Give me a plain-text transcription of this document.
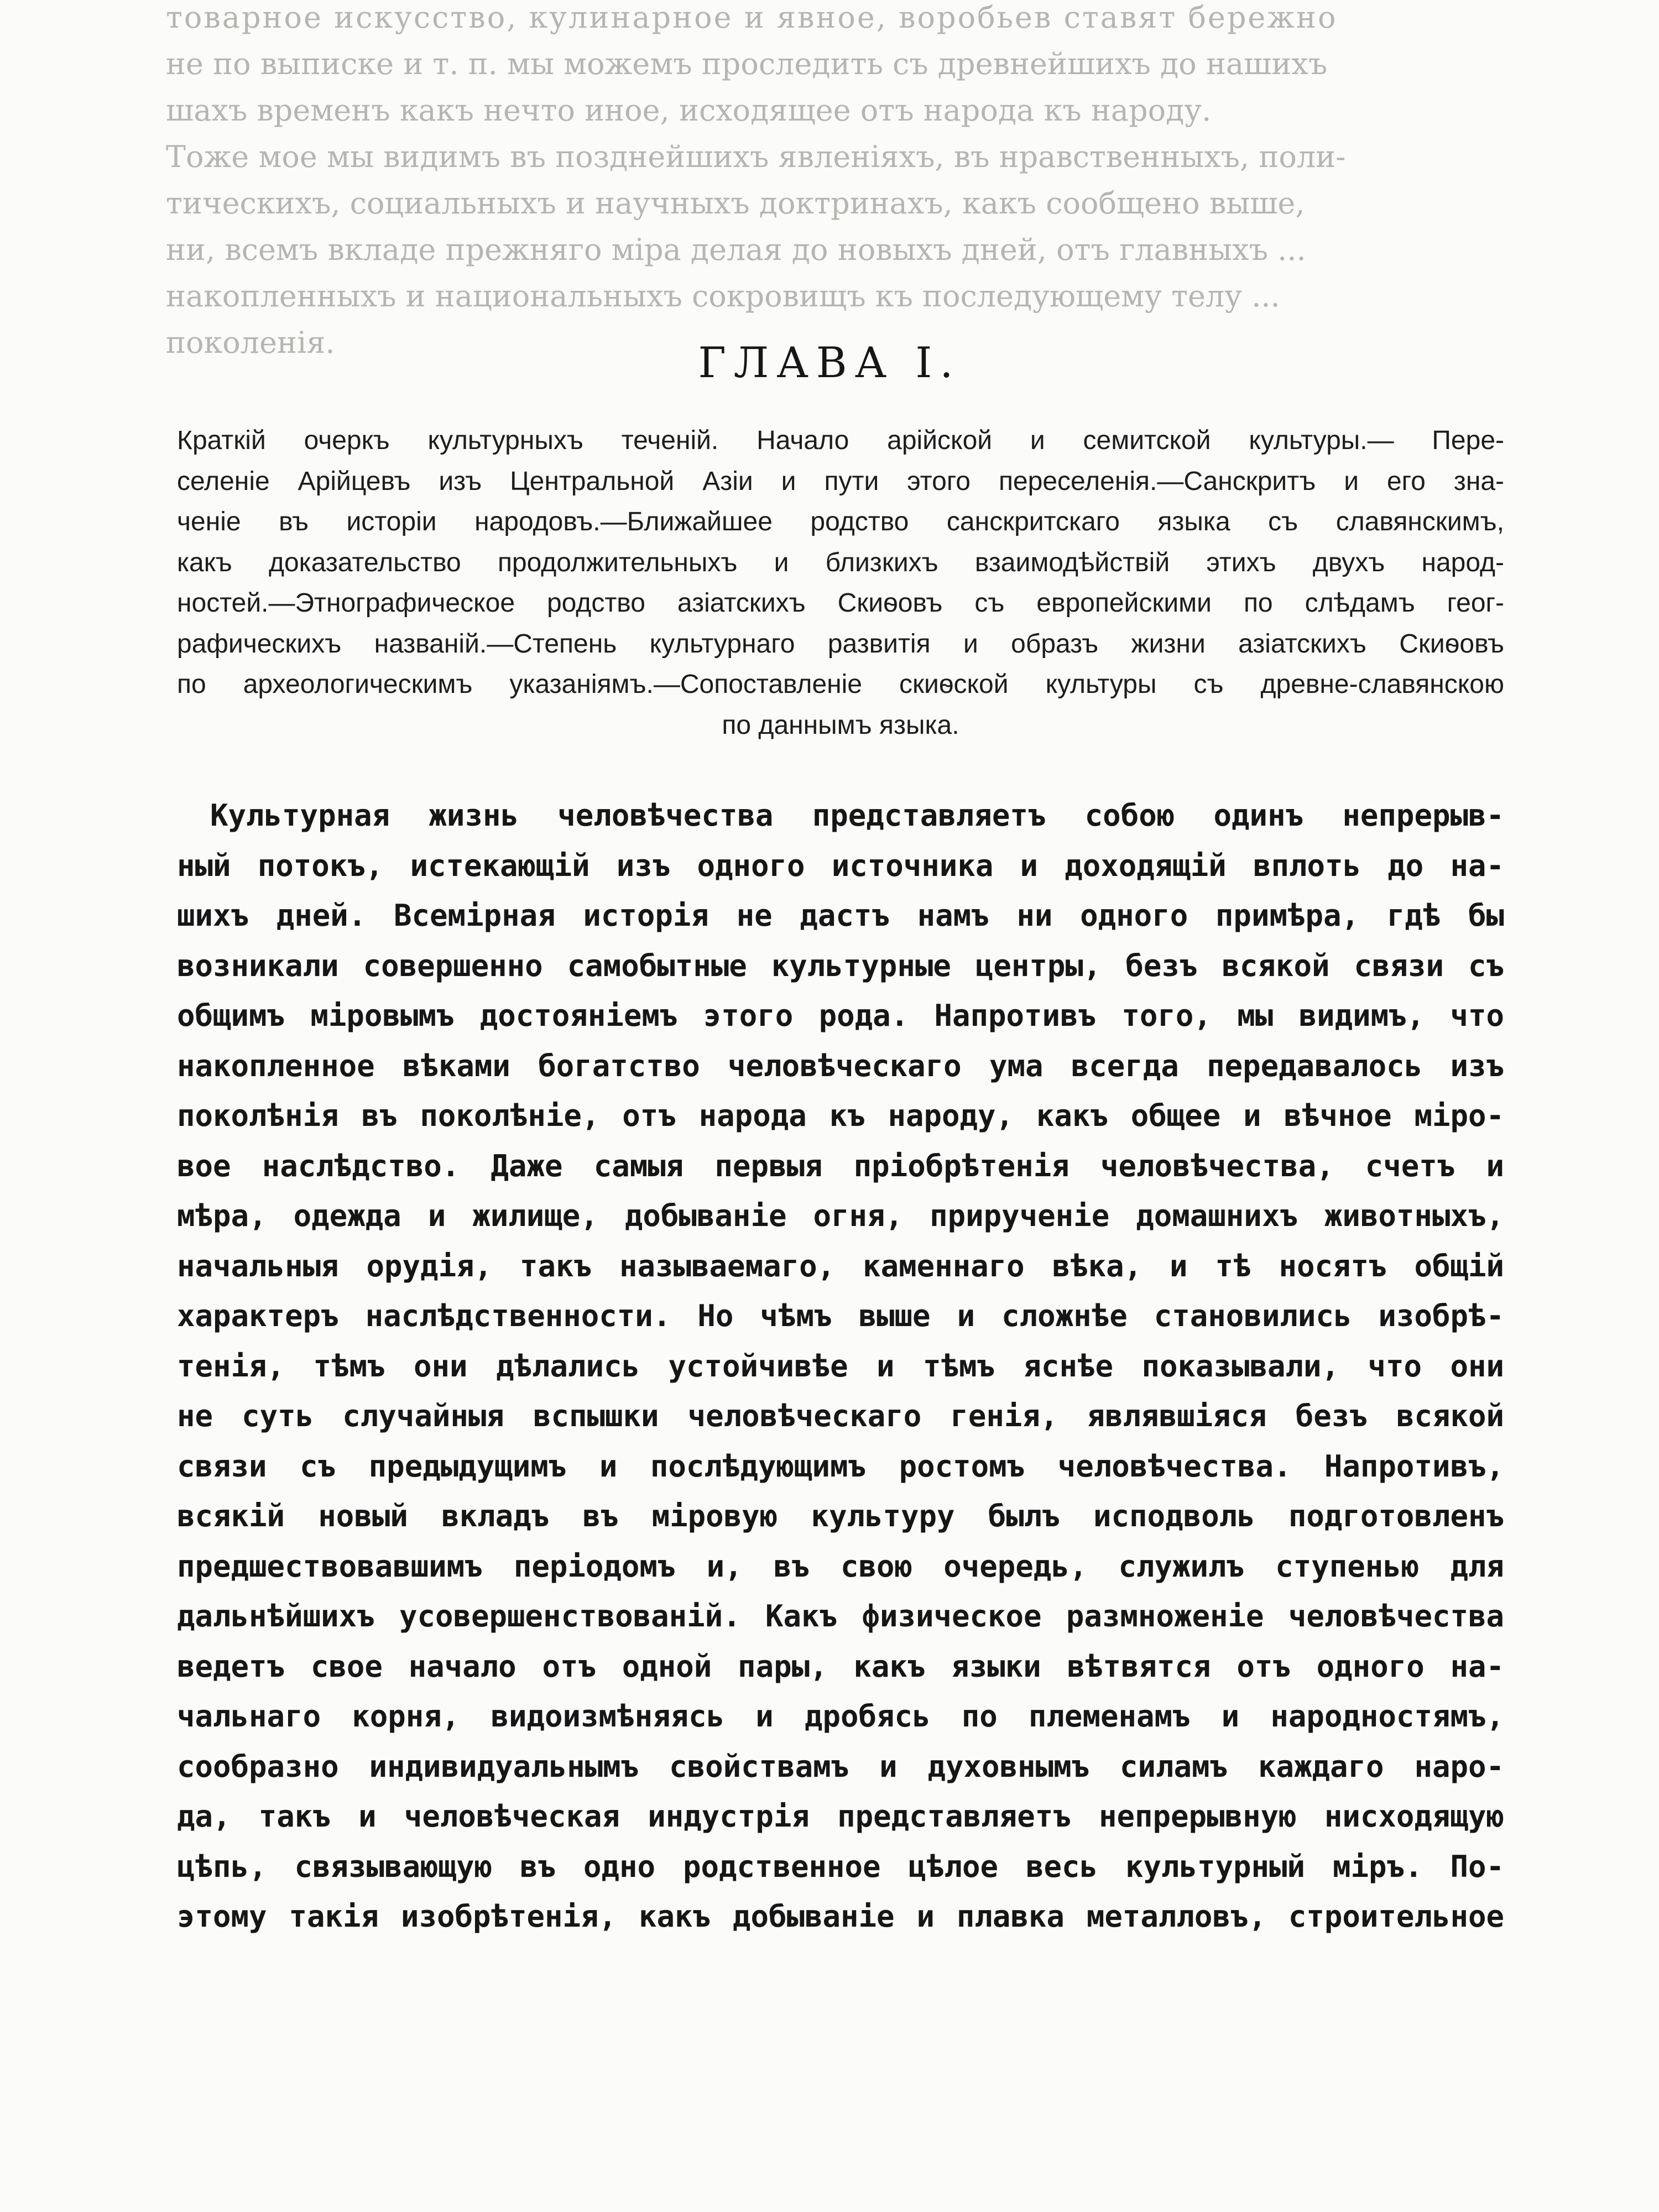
товарное искусство, кулинарное и явное, воробьев ставят бережно
не по выписке и т. п. мы можемъ проследить съ древнейшихъ до нашихъ
шахъ временъ какъ нечто иное, исходящее отъ народа къ народу.
Тоже мое мы видимъ въ позднейшихъ явленiяхъ, въ нравственныхъ, поли-
тическихъ, социальныхъ и научныхъ доктринахъ, какъ сообщено выше,
ни, всемъ вкладе прежняго мiра делая до новыхъ дней, отъ главныхъ ...
накопленныхъ и национальныхъ сокровищъ къ последующему телу ...
поколенiя.	ГЛАВА I.
Краткiй очеркъ культурныхъ теченiй. Начало арiйской и семитской культуры.— Пере-
селенiе Арiйцевъ изъ Центральной Азiи и пути этого переселенiя.—Санскритъ и его зна-
ченiе въ исторiи народовъ.—Ближайшее родство санскритскаго языка съ славянскимъ,
какъ доказательство продолжительныхъ и близкихъ взаимодѣйствiй этихъ двухъ народ-
ностей.—Этнографическое родство азiатскихъ Скиѳовъ съ европейскими по слѣдамъ геог-
рафическихъ названiй.—Степень культурнаго развитiя и образъ жизни азiатскихъ Скиѳовъ
по археологическимъ указанiямъ.—Сопоставленiе скиѳской культуры съ древне-славянскою
по даннымъ языка.
Культурная жизнь человѣчества представляетъ собою одинъ непрерыв-
ный потокъ, истекающiй изъ одного источника и доходящiй вплоть до на-
шихъ дней. Всемiрная исторiя не дастъ намъ ни одного примѣра, гдѣ бы
возникали совершенно самобытные культурные центры, безъ всякой связи съ
общимъ мiровымъ достоянiемъ этого рода. Напротивъ того, мы видимъ, что
накопленное вѣками богатство человѣческаго ума всегда передавалось изъ
поколѣнiя въ поколѣнiе, отъ народа къ народу, какъ общее и вѣчное мiро-
вое наслѣдство. Даже самыя первыя прiобрѣтенiя человѣчества, счетъ и
мѣра, одежда и жилище, добыванiе огня, прирученiе домашнихъ животныхъ,
начальныя орудiя, такъ называемаго, каменнаго вѣка, и тѣ носятъ общiй
характеръ наслѣдственности. Но чѣмъ выше и сложнѣе становились изобрѣ-
тенiя, тѣмъ они дѣлались устойчивѣе и тѣмъ яснѣе показывали, что они
не суть случайныя вспышки человѣческаго генiя, являвшiяся безъ всякой
связи съ предыдущимъ и послѣдующимъ ростомъ человѣчества. Напротивъ,
всякiй новый вкладъ въ мiровую культуру былъ исподволь подготовленъ
предшествовавшимъ перiодомъ и, въ свою очередь, служилъ ступенью для
дальнѣйшихъ усовершенствованiй. Какъ физическое размноженiе человѣчества
ведетъ свое начало отъ одной пары, какъ языки вѣтвятся отъ одного на-
чальнаго корня, видоизмѣняясь и дробясь по племенамъ и народностямъ,
сообразно индивидуальнымъ свойствамъ и духовнымъ силамъ каждаго наро-
да, такъ и человѣческая индустрiя представляетъ непрерывную нисходящую
цѣпь, связывающую въ одно родственное цѣлое весь культурный мiръ. По-
этому такiя изобрѣтенiя, какъ добыванiе и плавка металловъ, строительное
